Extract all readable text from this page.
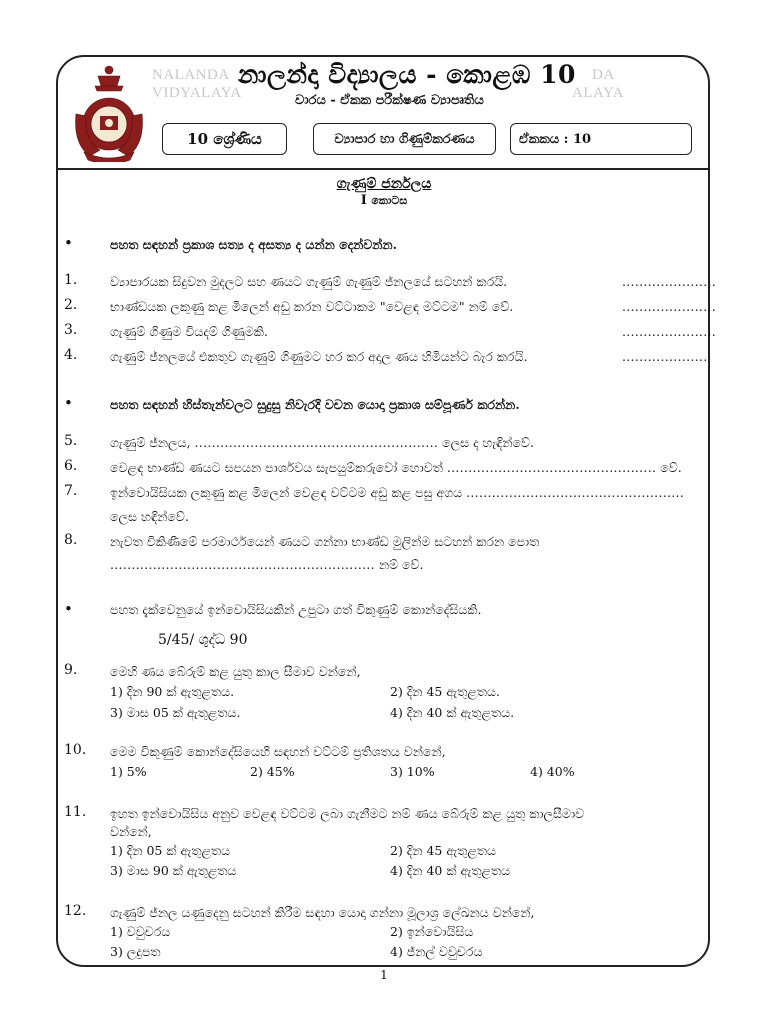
NALANDA
VIDYALAYA
DA
ALAYA
නාලන්දා විද්‍යාලය - කොළඹ 10
වාරය - ඒකක පරීක්ෂණ ව්‍යාපෘතිය
10 ශ්‍රේණිය	ව්‍යාපාර හා ගිණුම්කරණය	ඒකකය : 10
ගැණුම් ජර්නලය
I කොටස
•	පහත සඳහන් ප්‍රකාශ සත්‍ය ද අසත්‍ය ද යන්න දෙන්වන්න.
1.	ව්‍යාපාරයක සිදුවන මුදලට සහ ණයට ගැණුම් ගැණුම් ජ්නලයේ සටහන් කරයි.	......................
2.	භාණ්ඩයක ලකුණු කළ මිලෙන් අඩු කරන වට්ටාකම "වෙළඳ මට්ටම" නම් වේ.	......................
3.	ගැණුම් ගිණුම වියදම් ගිණුමකි.	......................
4.	ගැණුම් ජ්නලයේ එකතුව ගැණුම් ගිණුමට හර කර අදාල ණය හිමියන්ට බැර කරයි.	....................
•	පහත සඳහන් හිස්තැන්වලට සුදුසු නිවැරදි වචන යොදා ප්‍රකාශ සම්පූර්ණ කරන්න.
5.	ගැණුම් ජ්නලය, ......................................................... ලෙස ද හැඳින්වේ.
6.	වෙළඳ භාණ්ඩ ණයට සපයන පාර්ශවය සැපයුම්කරුවෝ හොවත් ................................................. වේ.
7.	ඉන්වොයිසියක ලකුණු කළ මිලෙන් වෙළඳ වට්ටම අඩු කළ පසු අගය ...................................................
ලෙස හඳින්වේ.
8.	නැවත විකිණීමේ පරමාර්ථයෙන් ණයට ගන්නා භාණ්ඩ මුලින්ම සටහන් කරන පොත
.............................................................. නම් වේ.
•	පහත දැක්වෙනුයේ ඉන්වොයිසියකින් උපුටා ගත් විකුණුම් කොන්දේසියකි.
5/45/ ශුද්ධ 90
9.	මෙහි ණය බේරුම් කළ යුතු කාල සීමාව වන්නේ,
1) දින 90 ක් ඇතුළතය.	2) දින 45 ඇතුළතය.
3) මාස 05 ක් ඇතුළතය.	4) දින 40 ක් ඇතුළතය.
10. මෙම විකුණුම් කොන්දේසියෙහි සඳහන් වට්ටම් ප්‍රතිශතය වන්නේ,
1) 5%	2) 45%	3) 10%	4) 40%
11. ඉහත ඉන්වොයිසිය අනුව වෙළඳ වට්ටම ලබා ගැනීමට නම් ණය බේරුම් කළ යුතු කාලසීමාව
වන්නේ,
1) දින 05 ක් ඇතුළතය	2) දින 45 ඇතුළතය
3) මාස 90 ක් ඇතුළතය	4) දින 40 ක් ඇතුළතය
12. ගැණුම් ජ්නල යණුදෙනු සටහන් කිරීම සඳහා යොදා ගන්නා මූලාශ්‍ර ලේඛනය වන්නේ,
1) වවුචරය	2) ඉන්වොයිසිය
3) ලදුපත	4) ජ්නල් වවුචරය
1
